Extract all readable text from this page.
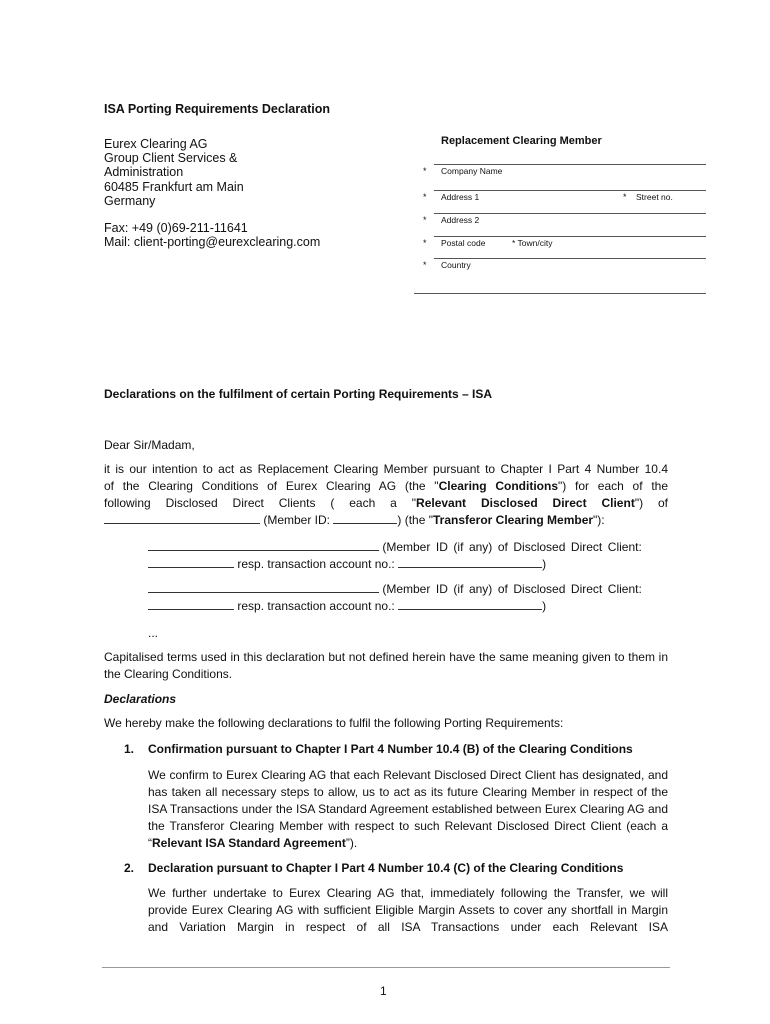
ISA Porting Requirements Declaration
Eurex Clearing AG
Group Client Services &
Administration
60485 Frankfurt am Main
Germany
Fax: +49 (0)69-211-11641
Mail: client-porting@eurexclearing.com
Replacement Clearing Member
* Company Name
* Address 1	* Street no.
* Address 2
* Postal code	* Town/city
* Country
Declarations on the fulfilment of certain Porting Requirements – ISA
Dear Sir/Madam,
it is our intention to act as Replacement Clearing Member pursuant to Chapter I Part 4 Number 10.4
of the Clearing Conditions of Eurex Clearing AG (the "Clearing Conditions") for each of the
following Disclosed Direct Clients ( each a "Relevant Disclosed Direct Client") of
(Member ID:	) (the "Transferor Clearing Member"):
(Member ID (if any) of Disclosed Direct Client:
resp. transaction account no.:	)
(Member ID (if any) of Disclosed Direct Client:
resp. transaction account no.:	)
...
Capitalised terms used in this declaration but not defined herein have the same meaning given to them in the Clearing Conditions.
Declarations
We hereby make the following declarations to fulfil the following Porting Requirements:
1. Confirmation pursuant to Chapter I Part 4 Number 10.4 (B) of the Clearing Conditions
We confirm to Eurex Clearing AG that each Relevant Disclosed Direct Client has designated, and has taken all necessary steps to allow, us to act as its future Clearing Member in respect of the ISA Transactions under the ISA Standard Agreement established between Eurex Clearing AG and the Transferor Clearing Member with respect to such Relevant Disclosed Direct Client (each a “Relevant ISA Standard Agreement”).
2. Declaration pursuant to Chapter I Part 4 Number 10.4 (C) of the Clearing Conditions
We further undertake to Eurex Clearing AG that, immediately following the Transfer, we will provide Eurex Clearing AG with sufficient Eligible Margin Assets to cover any shortfall in Margin and Variation Margin in respect of all ISA Transactions under each Relevant ISA
1
